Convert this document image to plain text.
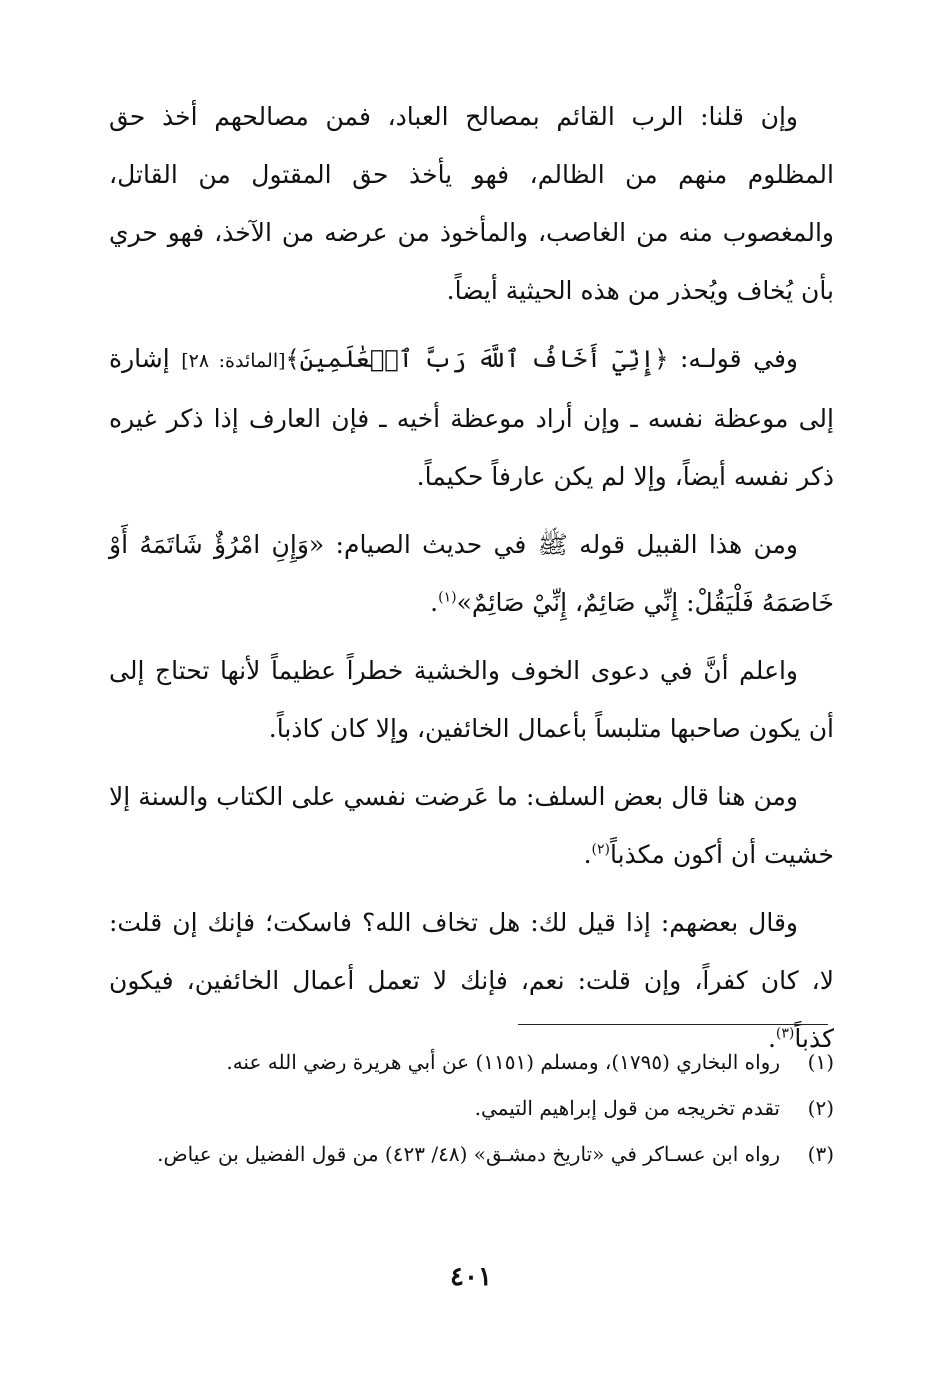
وإن قلنا: الرب القائم بمصالح العباد، فمن مصالحهم أخذ حق المظلوم منهم من الظالم، فهو يأخذ حق المقتول من القاتل، والمغصوب منه من الغاصب، والمأخوذ من عرضه من الآخذ، فهو حري بأن يُخاف ويُحذر من هذه الحيثية أيضاً.

وفي قولـه: ﴿إِنِّيٓ أَخَافُ ٱللَّهَ رَبَّ ٱلۡعَٰلَمِينَ﴾[المائدة: ٢٨] إشارة إلى موعظة نفسه ـ وإن أراد موعظة أخيه ـ فإن العارف إذا ذكر غيره ذكر نفسه أيضاً، وإلا لم يكن عارفاً حكيماً.

ومن هذا القبيل قوله ﷺ في حديث الصيام: «وَإِنِ امْرُؤٌ شَاتَمَهُ أَوْ خَاصَمَهُ فَلْيَقُلْ: إِنِّي صَائِمٌ، إِنِّيْ صَائِمٌ»$^{(١)}$.

واعلم أنَّ في دعوى الخوف والخشية خطراً عظيماً لأنها تحتاج إلى أن يكون صاحبها متلبساً بأعمال الخائفين، وإلا كان كاذباً.

ومن هنا قال بعض السلف: ما عَرضت نفسي على الكتاب والسنة إلا خشيت أن أكون مكذباً$^{(٢)}$.

وقال بعضهم: إذا قيل لك: هل تخاف الله؟ فاسكت؛ فإنك إن قلت: لا، كان كفراً، وإن قلت: نعم، فإنك لا تعمل أعمال الخائفين، فيكون كذباً$^{(٣)}$.

(١)
رواه البخاري (١٧٩٥)، ومسلم (١١٥١) عن أبي هريرة رضي الله عنه.
(٢)
تقدم تخريجه من قول إبراهيم التيمي.
(٣)
رواه ابن عسـاكر في «تاريخ دمشـق» (٤٨/ ٤٢٣) من قول الفضيل بن عياض.
٤٠١
